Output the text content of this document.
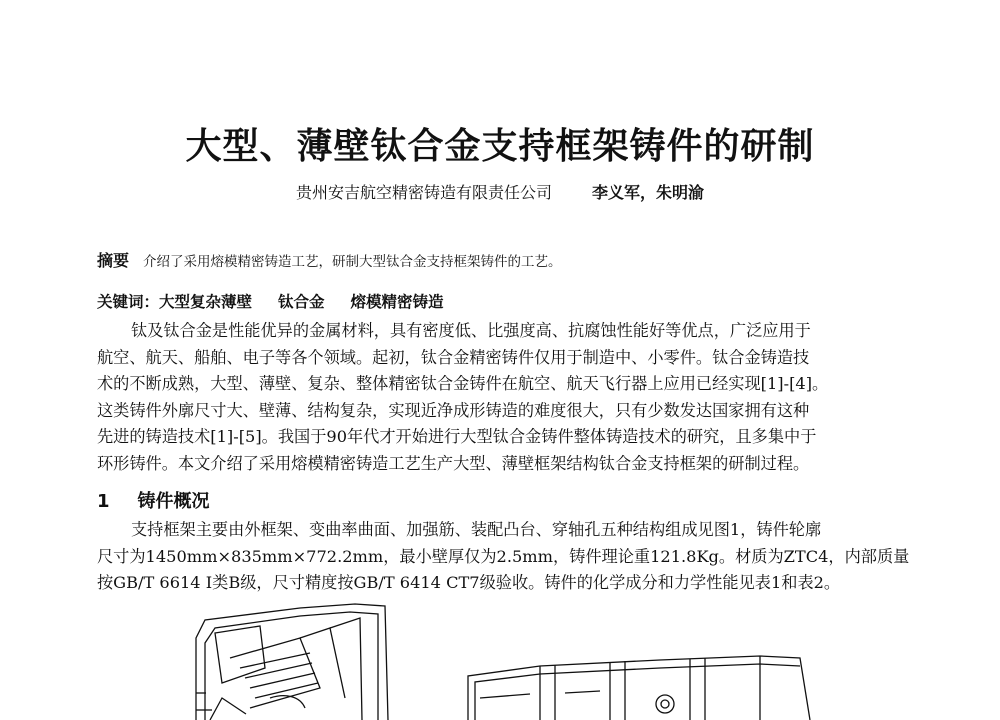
大型、薄壁钛合金支持框架铸件的研制
贵州安吉航空精密铸造有限责任公司	李义军，朱明渝
摘要 介绍了采用熔模精密铸造工艺，研制大型钛合金支持框架铸件的工艺。
关键词：大型复杂薄壁 钛合金 熔模精密铸造
钛及钛合金是性能优异的金属材料，具有密度低、比强度高、抗腐蚀性能好等优点，广泛应用于
航空、航天、船舶、电子等各个领域。起初，钛合金精密铸件仅用于制造中、小零件。钛合金铸造技
术的不断成熟，大型、薄壁、复杂、整体精密钛合金铸件在航空、航天飞行器上应用已经实现[1]-[4]。
这类铸件外廓尺寸大、壁薄、结构复杂，实现近净成形铸造的难度很大，只有少数发达国家拥有这种
先进的铸造技术[1]-[5]。我国于90年代才开始进行大型钛合金铸件整体铸造技术的研究，且多集中于
环形铸件。本文介绍了采用熔模精密铸造工艺生产大型、薄壁框架结构钛合金支持框架的研制过程。
1 铸件概况
支持框架主要由外框架、变曲率曲面、加强筋、装配凸台、穿轴孔五种结构组成见图1，铸件轮廓
尺寸为1450mm×835mm×772.2mm，最小壁厚仅为2.5mm，铸件理论重121.8Kg。材质为ZTC4，内部质量
按GB/T 6614 I类B级，尺寸精度按GB/T 6414 CT7级验收。铸件的化学成分和力学性能见表1和表2。
